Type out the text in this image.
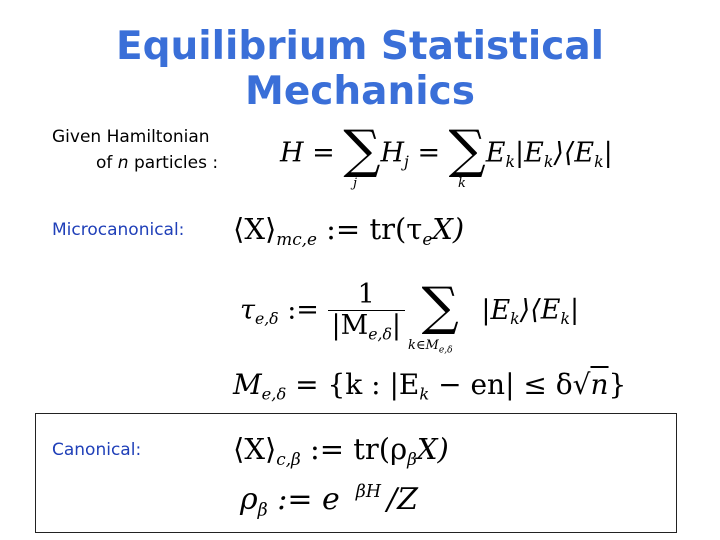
Equilibrium Statistical Mechanics
Given Hamiltonian
of n particles : $H = \sum H_j$ = $\sum E_k|E_k⟩⟨E_k|$
j	k
Microcanonical: $⟨X⟩_{mc,e}$ := $tr(\tau_eX)$
$\tau_{e,\delta}$ := $\frac{1}{|M_{e,\delta}|}$ ∑ $|E_k⟩⟨E_k|$
$k\in M_{e,\delta}$
$M_{e,\delta} = \{k$ : $|E_k - en| \le \delta√n$}
Canonical:	$⟨X⟩_{c,\beta}$ := $tr(\rho_\beta X)$
$\rho_\beta$ := e $^{\beta H}$ /Z
